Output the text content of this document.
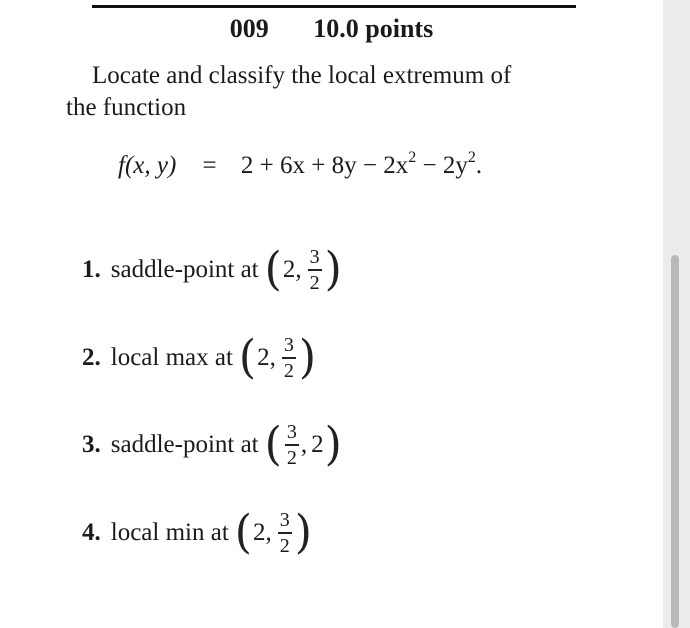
009 10.0 points
Locate and classify the local extremum of
the function
f(x, $y) = 2 + 6x + 8y - 2x^2 - 2y^2$.
1. saddle-point at ( 2 , $\frac{3}{2}$ )
2. local max at ( 2 , $\frac{3}{2}$ )
3. saddle-point at ( $\frac{3}{2}$ , 2 )
4. local min at ( 2 , $\frac{3}{2}$ )
